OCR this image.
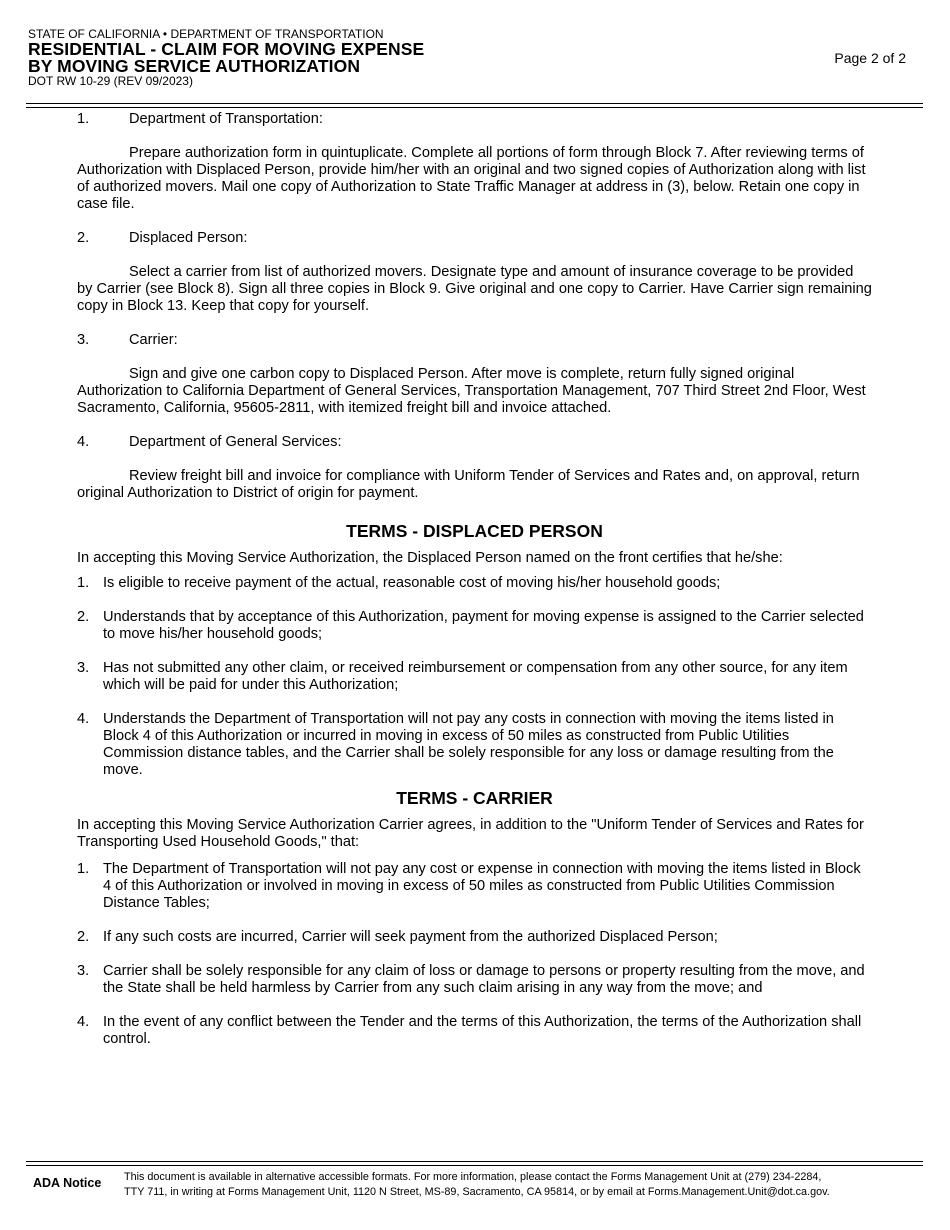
STATE OF CALIFORNIA • DEPARTMENT OF TRANSPORTATION
RESIDENTIAL - CLAIM FOR MOVING EXPENSE
BY MOVING SERVICE AUTHORIZATION
DOT RW 10-29 (REV 09/2023)
Page 2 of 2
1.	Department of Transportation:
Prepare authorization form in quintuplicate. Complete all portions of form through Block 7. After reviewing terms of Authorization with Displaced Person, provide him/her with an original and two signed copies of Authorization along with list of authorized movers. Mail one copy of Authorization to State Traffic Manager at address in (3), below. Retain one copy in case file.
2.	Displaced Person:
Select a carrier from list of authorized movers. Designate type and amount of insurance coverage to be provided by Carrier (see Block 8). Sign all three copies in Block 9. Give original and one copy to Carrier. Have Carrier sign remaining copy in Block 13. Keep that copy for yourself.
3.	Carrier:
Sign and give one carbon copy to Displaced Person. After move is complete, return fully signed original Authorization to California Department of General Services, Transportation Management, 707 Third Street 2nd Floor, West Sacramento, California, 95605-2811, with itemized freight bill and invoice attached.
4.	Department of General Services:
Review freight bill and invoice for compliance with Uniform Tender of Services and Rates and, on approval, return original Authorization to District of origin for payment.
TERMS - DISPLACED PERSON
In accepting this Moving Service Authorization, the Displaced Person named on the front certifies that he/she:
1. Is eligible to receive payment of the actual, reasonable cost of moving his/her household goods;
2. Understands that by acceptance of this Authorization, payment for moving expense is assigned to the Carrier selected to move his/her household goods;
3. Has not submitted any other claim, or received reimbursement or compensation from any other source, for any item which will be paid for under this Authorization;
4. Understands the Department of Transportation will not pay any costs in connection with moving the items listed in Block 4 of this Authorization or incurred in moving in excess of 50 miles as constructed from Public Utilities Commission distance tables, and the Carrier shall be solely responsible for any loss or damage resulting from the move.
TERMS - CARRIER
In accepting this Moving Service Authorization Carrier agrees, in addition to the "Uniform Tender of Services and Rates for Transporting Used Household Goods," that:
1. The Department of Transportation will not pay any cost or expense in connection with moving the items listed in Block 4 of this Authorization or involved in moving in excess of 50 miles as constructed from Public Utilities Commission Distance Tables;
2. If any such costs are incurred, Carrier will seek payment from the authorized Displaced Person;
3. Carrier shall be solely responsible for any claim of loss or damage to persons or property resulting from the move, and the State shall be held harmless by Carrier from any such claim arising in any way from the move; and
4. In the event of any conflict between the Tender and the terms of this Authorization, the terms of the Authorization shall control.
ADA Notice	This document is available in alternative accessible formats. For more information, please contact the Forms Management Unit at (279) 234-2284,
TTY 711, in writing at Forms Management Unit, 1120 N Street, MS-89, Sacramento, CA 95814, or by email at Forms.Management.Unit@dot.ca.gov.
